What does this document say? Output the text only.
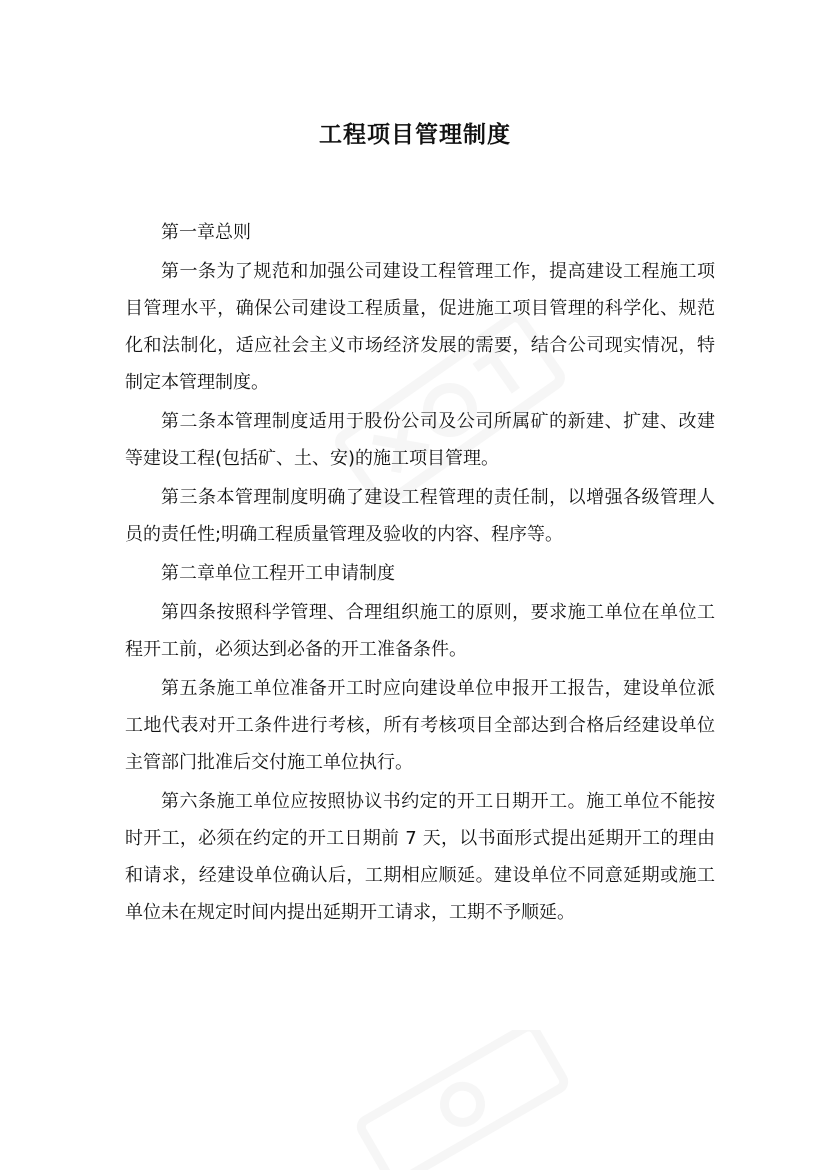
工程项目管理制度

第一章总则

第一条为了规范和加强公司建设工程管理工作，提高建设工程施工项目管理水平，确保公司建设工程质量，促进施工项目管理的科学化、规范化和法制化，适应社会主义市场经济发展的需要，结合公司现实情况，特制定本管理制度。

第二条本管理制度适用于股份公司及公司所属矿的新建、扩建、改建等建设工程(包括矿、土、安)的施工项目管理。

第三条本管理制度明确了建设工程管理的责任制，以增强各级管理人员的责任性;明确工程质量管理及验收的内容、程序等。

第二章单位工程开工申请制度

第四条按照科学管理、合理组织施工的原则，要求施工单位在单位工程开工前，必须达到必备的开工准备条件。

第五条施工单位准备开工时应向建设单位申报开工报告，建设单位派工地代表对开工条件进行考核，所有考核项目全部达到合格后经建设单位主管部门批准后交付施工单位执行。

第六条施工单位应按照协议书约定的开工日期开工。施工单位不能按时开工，必须在约定的开工日期前 7 天，以书面形式提出延期开工的理由和请求，经建设单位确认后，工期相应顺延。建设单位不同意延期或施工单位未在规定时间内提出延期开工请求，工期不予顺延。
